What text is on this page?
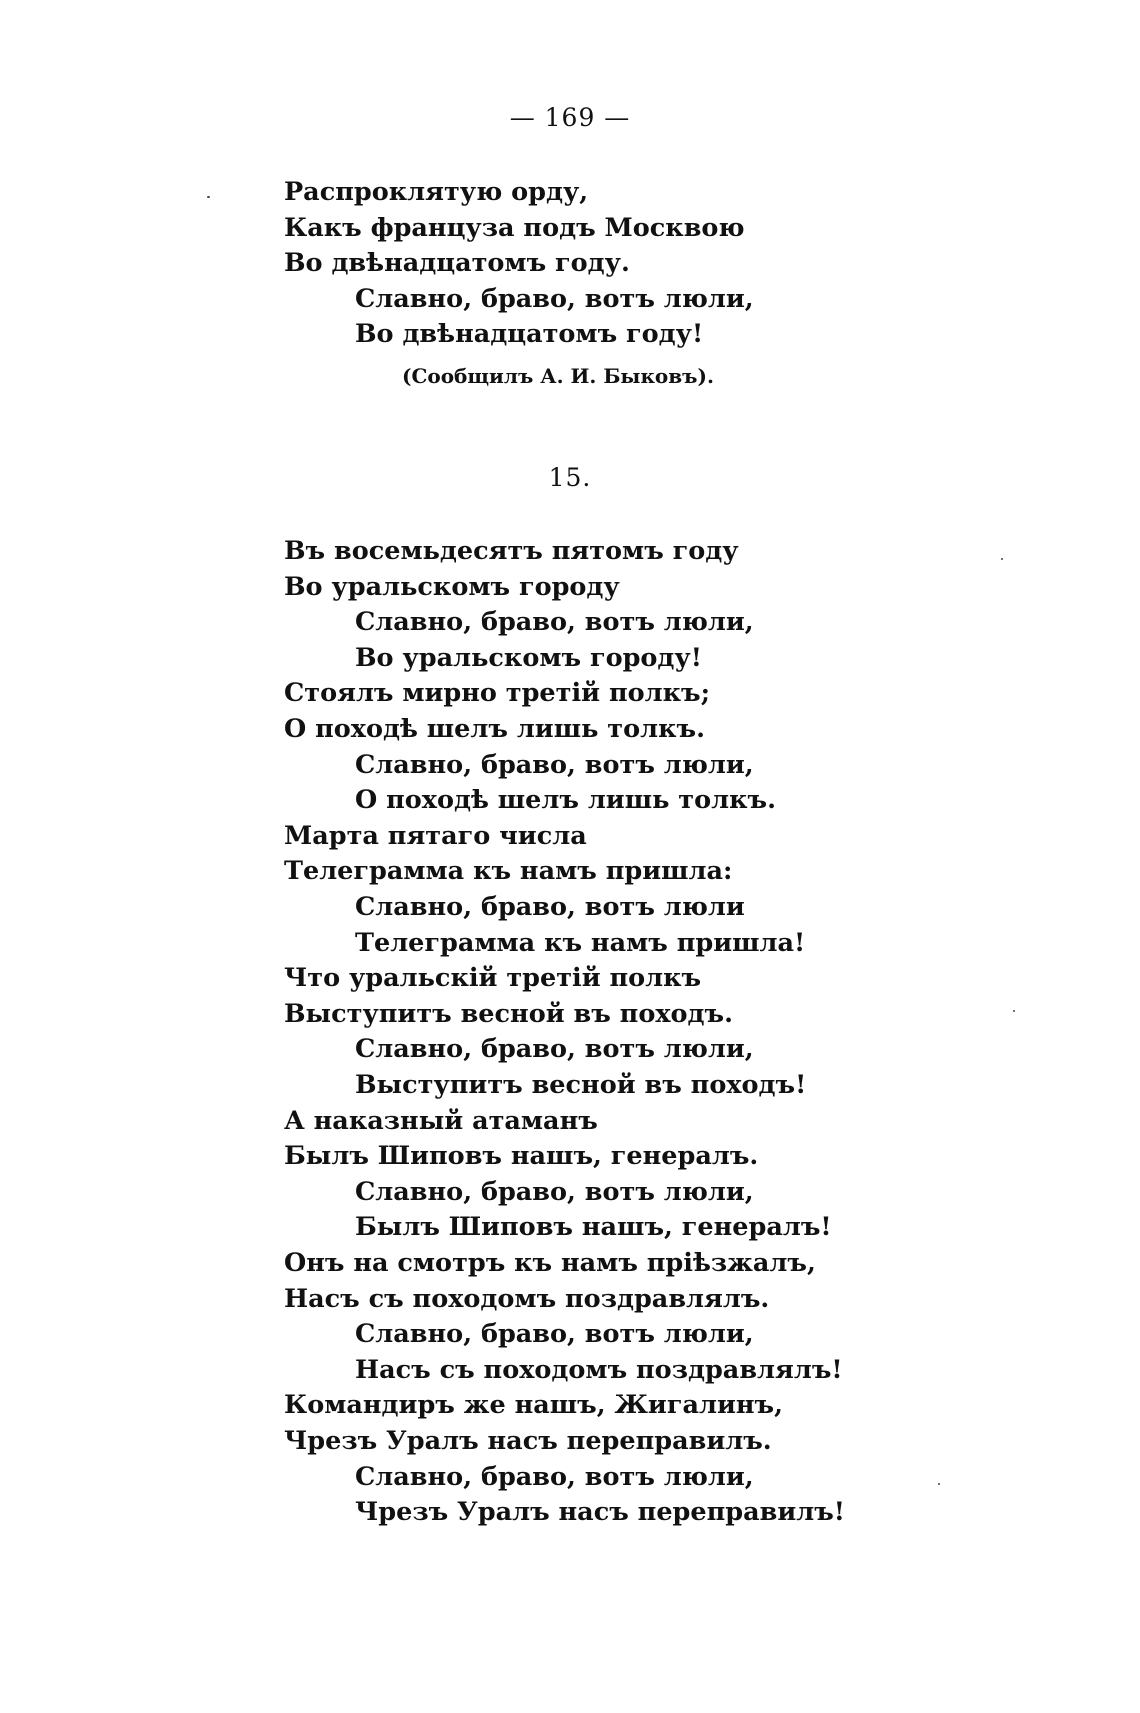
— 169 —
Распроклятую орду,
Какъ француза подъ Москвою
Во двѣнадцатомъ году.
Славно, браво, вотъ люли,
Во двѣнадцатомъ году!
(Сообщилъ А. И. Быковъ).
15.
Въ восемьдесятъ пятомъ году
Во уральскомъ городу
Славно, браво, вотъ люли,
Во уральскомъ городу!
Стоялъ мирно третій полкъ;
О походѣ шелъ лишь толкъ.
Славно, браво, вотъ люли,
О походѣ шелъ лишь толкъ.
Марта пятаго числа
Телеграмма къ намъ пришла:
Славно, браво, вотъ люли
Телеграмма къ намъ пришла!
Что уральскій третій полкъ
Выступитъ весной въ походъ.
Славно, браво, вотъ люли,
Выступитъ весной въ походъ!
А наказный атаманъ
Былъ Шиповъ нашъ, генералъ.
Славно, браво, вотъ люли,
Былъ Шиповъ нашъ, генералъ!
Онъ на смотръ къ намъ пріѣзжалъ,
Насъ съ походомъ поздравлялъ.
Славно, браво, вотъ люли,
Насъ съ походомъ поздравлялъ!
Командиръ же нашъ, Жигалинъ,
Чрезъ Уралъ насъ переправилъ.
Славно, браво, вотъ люли,
Чрезъ Уралъ насъ переправилъ!
